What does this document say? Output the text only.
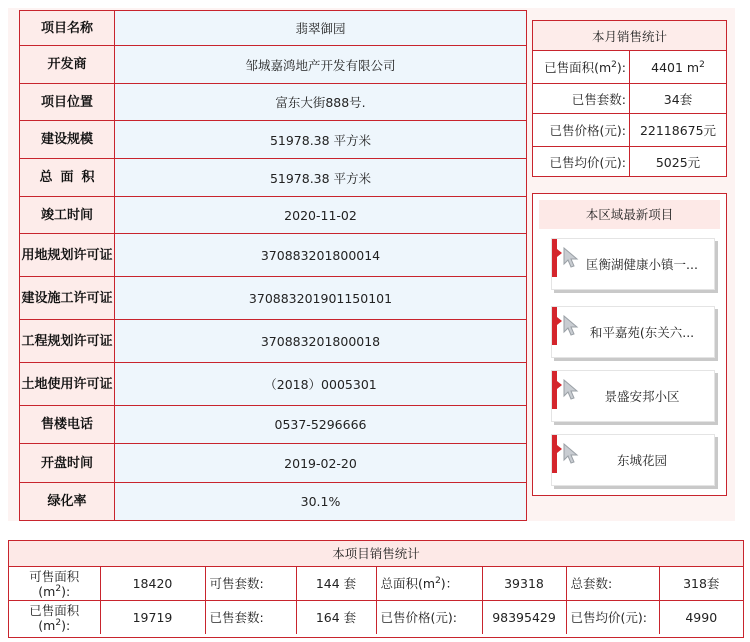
项目名称	翡翠御园
开发商	邹城嘉鸿地产开发有限公司
项目位置	富东大街888号.
建设规模	51978.38 平方米
总面积	51978.38 平方米
竣工时间	2020-11-02
用地规划许可证	370883201800014
建设施工许可证	370883201901150101
工程规划许可证	370883201800018
土地使用许可证	（2018）0005301
售楼电话	0537-5296666
开盘时间	2019-02-20
绿化率	30.1%
本月销售统计	
已售面积$(m^2)$:	4401 $m^2$
已售套数:	34套
已售价格(元):	22118675元
已售均价(元):	5025元
本区域最新项目
匡衡湖健康小镇一...
和平嘉苑(东关六...
景盛安邦小区
东城花园
本项目销售统计
可售面积
$(m^2)$:	18420	可售套数:	144 套	总面积$(m^2)$：	39318	总套数:	318套
已售面积
$(m^2)$:	19719	已售套数:	164 套	已售价格(元):	98395429	已售均价(元):	4990
